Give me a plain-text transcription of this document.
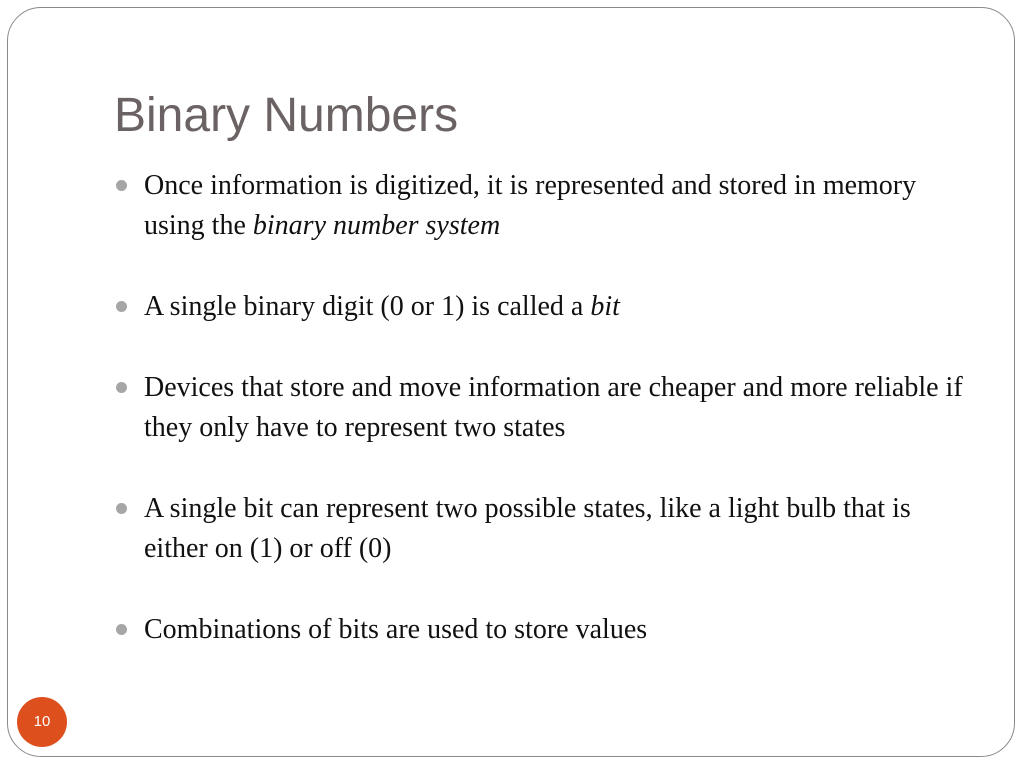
Binary Numbers
Once information is digitized, it is represented and stored in memory using the binary number system
A single binary digit (0 or 1) is called a bit
Devices that store and move information are cheaper and more reliable if they only have to represent two states
A single bit can represent two possible states, like a light bulb that is either on (1) or off (0)
Combinations of bits are used to store values
10
